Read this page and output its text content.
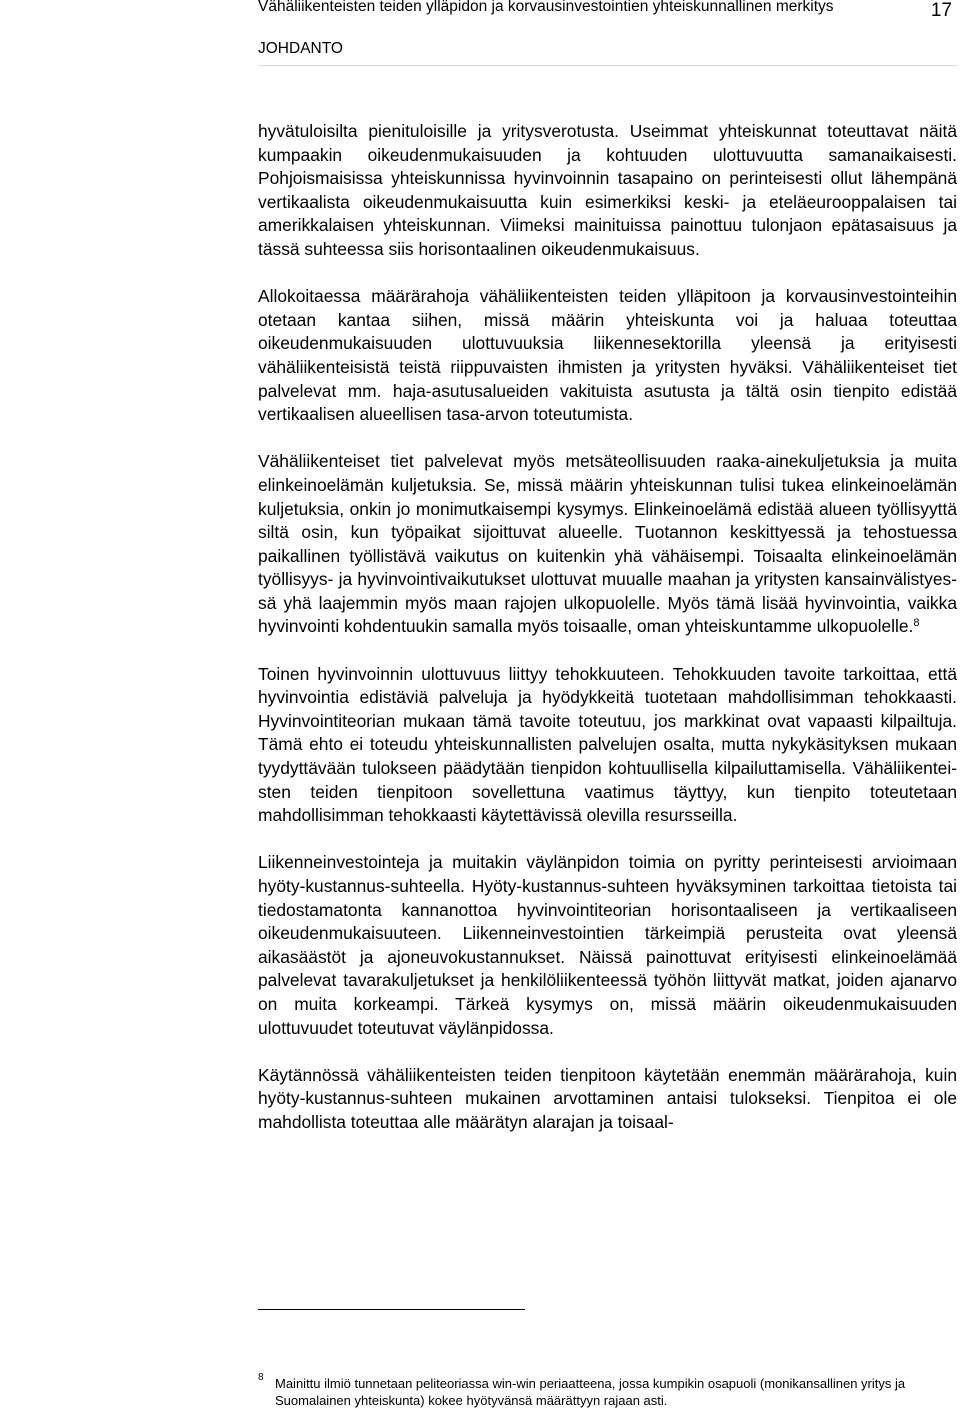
Vähäliikenteisten teiden ylläpidon ja korvausinvestointien yhteiskunnallinen merkitys
JOHDANTO
17

hyvätuloisilta pienituloisille ja yritysverotusta. Useimmat yhteiskunnat toteuttavat näitä kumpaakin oikeudenmukaisuuden ja kohtuuden ulottuvuutta samanaikaisesti. Pohjoismaisissa yhteiskunnissa hyvinvoinnin tasapaino on perinteisesti ollut lähempänä vertikaalista oikeudenmukaisuutta kuin esimerkiksi keski- ja eteläeurooppalaisen tai amerikkalaisen yhteiskunnan. Viimeksi mainituissa painottuu tulonjaon epätasaisuus ja tässä suhteessa siis horisontaalinen oikeudenmukaisuus.

Allokoitaessa määrärahoja vähäliikenteisten teiden ylläpitoon ja korvausinvestointeihin otetaan kantaa siihen, missä määrin yhteiskunta voi ja haluaa toteuttaa oikeudenmukaisuuden ulottuvuuksia liikennesektorilla yleensä ja erityisesti vähäliikenteisistä teistä riippuvaisten ihmisten ja yritysten hyväksi. Vähäliikenteiset tiet palvelevat mm. haja-asutusalueiden vakituista asutusta ja tältä osin tienpito edistää vertikaalisen alueellisen tasa-arvon toteutumista.

Vähäliikenteiset tiet palvelevat myös metsäteollisuuden raaka-ainekuljetuksia ja muita elinkeinoelämän kuljetuksia. Se, missä määrin yhteiskunnan tulisi tukea elinkeinoelämän kuljetuksia, onkin jo monimutkaisempi kysymys. Elinkeinoelämä edistää alueen työllisyyttä siltä osin, kun työpaikat sijoittuvat alueelle. Tuotannon keskittyessä ja tehostuessa paikallinen työllistävä vaikutus on kuitenkin yhä vähäisempi. Toisaalta elinkeinoelämän työllisyys- ja hyvinvointivaikutukset ulottuvat muualle maahan ja yritysten kansainvälistyessä yhä laajemmin myös maan rajojen ulkopuolelle. Myös tämä lisää hyvinvointia, vaikka hyvinvointi kohdentuukin samalla myös toisaalle, oman yhteiskuntamme ulkopuolelle.$^8$

Toinen hyvinvoinnin ulottuvuus liittyy tehokkuuteen. Tehokkuuden tavoite tarkoittaa, että hyvinvointia edistäviä palveluja ja hyödykkeitä tuotetaan mahdollisimman tehokkaasti. Hyvinvointiteorian mukaan tämä tavoite toteutuu, jos markkinat ovat vapaasti kilpailtuja. Tämä ehto ei toteudu yhteiskunnallisten palvelujen osalta, mutta nykykäsityksen mukaan tyydyttävään tulokseen päädytään tienpidon kohtuullisella kilpailuttamisella. Vähäliikenteisten teiden tienpitoon sovellettuna vaatimus täyttyy, kun tienpito toteutetaan mahdollisimman tehokkaasti käytettävissä olevilla resursseilla.

Liikenneinvestointeja ja muitakin väylänpidon toimia on pyritty perinteisesti arvioimaan hyöty-kustannus-suhteella. Hyöty-kustannus-suhteen hyväksyminen tarkoittaa tietoista tai tiedostamatonta kannanottoa hyvinvointiteorian horisontaaliseen ja vertikaaliseen oikeudenmukaisuuteen. Liikenneinvestointien tärkeimpiä perusteita ovat yleensä aikasäästöt ja ajoneuvokustannukset. Näissä painottuvat erityisesti elinkeinoelämää palvelevat tavarakuljetukset ja henkilöliikenteessä työhön liittyvät matkat, joiden ajanarvo on muita korkeampi. Tärkeä kysymys on, missä määrin oikeudenmukaisuuden ulottuvuudet toteutuvat väylänpidossa.

Käytännössä vähäliikenteisten teiden tienpitoon käytetään enemmän määrärahoja, kuin hyöty-kustannus-suhteen mukainen arvottaminen antaisi tulokseksi. Tienpitoa ei ole mahdollista toteuttaa alle määrätyn alarajan ja toisaal-

8 Mainittu ilmiö tunnetaan peliteoriassa win-win periaatteena, jossa kumpikin osapuoli (monikansallinen yritys ja Suomalainen yhteiskunta) kokee hyötyvänsä määrättyyn rajaan asti.
